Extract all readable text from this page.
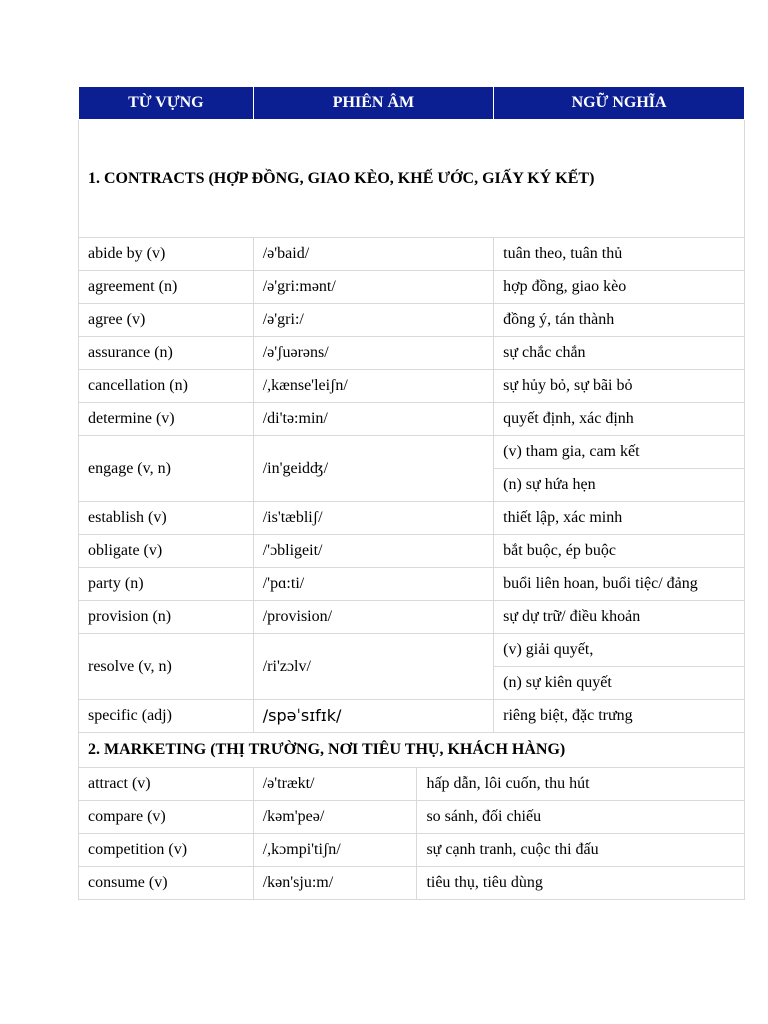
TỪ VỰNG	PHIÊN ÂM		NGỮ NGHĨA
1. CONTRACTS (HỢP ĐỒNG, GIAO KÈO, KHẾ ƯỚC, GIẤY KÝ KẾT)			
abide by (v)	/ə'baid/		tuân theo, tuân thủ
agreement (n)	/ə'gri:mənt/		hợp đồng, giao kèo
agree (v)	/ə'gri:/		đồng ý, tán thành
assurance (n)	/ə'ʃuərəns/		sự chắc chắn
cancellation (n)	/,kænse'leiʃn/		sự hủy bỏ, sự bãi bỏ
determine (v)	/di'tə:min/		quyết định, xác định
engage (v, n)	/in'geidʤ/		(v) tham gia, cam kết
			(n) sự hứa hẹn
establish (v)	/is'tæbliʃ/		thiết lập, xác minh
obligate (v)	/'ɔbligeit/		bắt buộc, ép buộc
party (n)	/'pɑ:ti/		buổi liên hoan, buổi tiệc/ đảng
provision (n)	/provision/		sự dự trữ/ điều khoản
resolve (v, n)	/ri'zɔlv/		(v) giải quyết,
			(n) sự kiên quyết
specific (adj)	/spəˈsɪfɪk/		riêng biệt, đặc trưng
2. MARKETING (THỊ TRƯỜNG, NƠI TIÊU THỤ, KHÁCH HÀNG)			
attract (v)	/ə'trækt/	hấp dẫn, lôi cuốn, thu hút	
compare (v)	/kəm'peə/	so sánh, đối chiếu	
competition (v)	/,kɔmpi'tiʃn/	sự cạnh tranh, cuộc thi đấu	
consume (v)	/kən'sju:m/	tiêu thụ, tiêu dùng	
